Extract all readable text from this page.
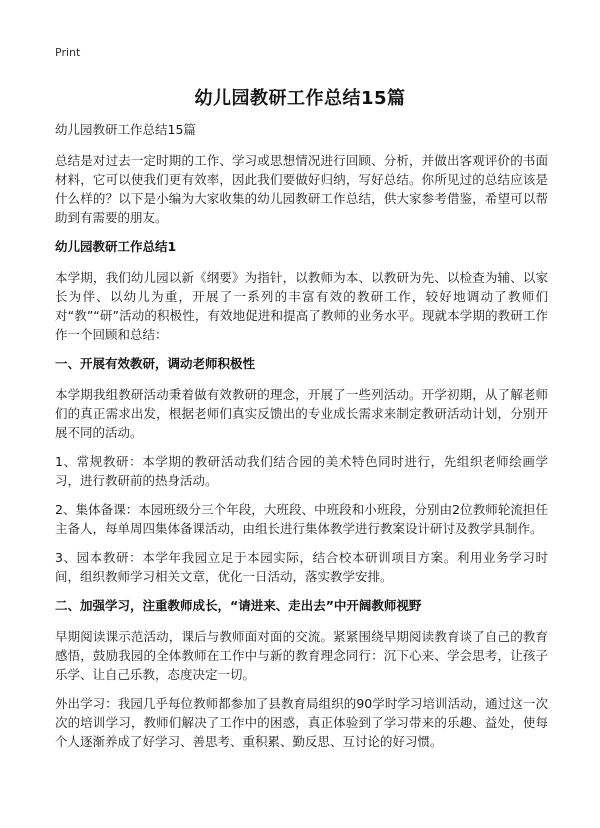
Print
幼儿园教研工作总结15篇

幼儿园教研工作总结15篇

总结是对过去一定时期的工作、学习或思想情况进行回顾、分析，并做出客观评价的书面材料，它可以使我们更有效率，因此我们要做好归纳，写好总结。你所见过的总结应该是什么样的？以下是小编为大家收集的幼儿园教研工作总结，供大家参考借鉴，希望可以帮助到有需要的朋友。

幼儿园教研工作总结1

本学期，我们幼儿园以新《纲要》为指针，以教师为本、以教研为先、以检查为辅、以家长为伴、以幼儿为重，开展了一系列的丰富有效的教研工作，较好地调动了教师们对“教”“研”活动的积极性，有效地促进和提高了教师的业务水平。现就本学期的教研工作作一个回顾和总结：

一、开展有效教研，调动老师积极性

本学期我组教研活动秉着做有效教研的理念，开展了一些列活动。开学初期，从了解老师们的真正需求出发，根据老师们真实反馈出的专业成长需求来制定教研活动计划，分别开展不同的活动。

1、常规教研：本学期的教研活动我们结合园的美术特色同时进行，先组织老师绘画学习，进行教研前的热身活动。

2、集体备课：本园班级分三个年段，大班段、中班段和小班段，分别由2位教师轮流担任主备人，每单周四集体备课活动，由组长进行集体教学进行教案设计研讨及教学具制作。

3、园本教研：本学年我园立足于本园实际，结合校本研训项目方案。利用业务学习时间，组织教师学习相关文章，优化一日活动，落实教学安排。

二、加强学习，注重教师成长，“请进来、走出去”中开阔教师视野

早期阅读课示范活动，课后与教师面对面的交流。紧紧围绕早期阅读教育谈了自己的教育感悟，鼓励我园的全体教师在工作中与新的教育理念同行：沉下心来、学会思考，让孩子乐学、让自己乐教，态度决定一切。

外出学习：我园几乎每位教师都参加了县教育局组织的90学时学习培训活动，通过这一次次的培训学习，教师们解决了工作中的困惑，真正体验到了学习带来的乐趣、益处，使每个人逐渐养成了好学习、善思考、重积累、勤反思、互讨论的好习惯。
